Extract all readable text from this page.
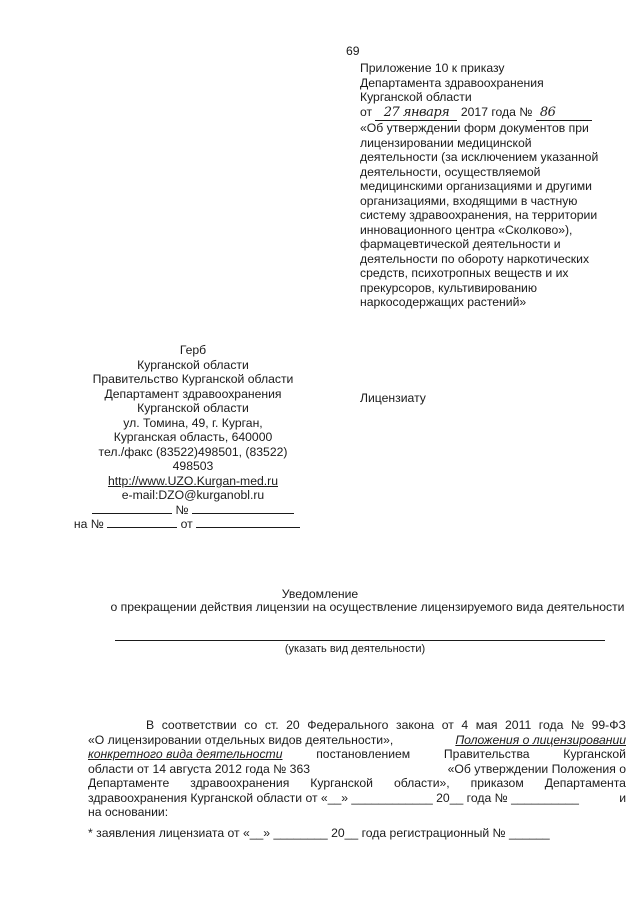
69
Приложение 10 к приказу
Департамента здравоохранения
Курганской области
от 27 января 2017 года № 86
«Об утверждении форм документов при
лицензировании медицинской
деятельности (за исключением указанной
деятельности, осуществляемой
медицинскими организациями и другими
организациями, входящими в частную
систему здравоохранения, на территории
инновационного центра «Сколково»),
фармацевтической деятельности и
деятельности по обороту наркотических
средств, психотропных веществ и их
прекурсоров, культивированию
наркосодержащих растений»
Герб
Курганской области
Правительство Курганской области
Департамент здравоохранения
Курганской области
ул. Томина, 49, г. Курган,
Курганская область, 640000
тел./факс (83522)498501, (83522)
498503
http://www.UZO.Kurgan-med.ru
e-mail:DZO@kurganobl.ru
№
на №	от
Лицензиату
Уведомление
о прекращении действия лицензии на осуществление лицензируемого вида деятельности
(указать вид деятельности)
В соответствии со ст. 20 Федерального закона от 4 мая 2011 года № 99-ФЗ
«О лицензировании отдельных видов деятельности»,	Положения о лицензировании
конкретного вида деятельности	постановлением	Правительства	Курганской
области от 14 августа 2012 года № 363	«Об утверждении Положения о
Департаменте здравоохранения Курганской области», приказом Департамента
здравоохранения Курганской области от «__» ____________ 20__ года № __________	и
на основании:
* заявления лицензиата от «__» ________ 20__ года регистрационный № ______
